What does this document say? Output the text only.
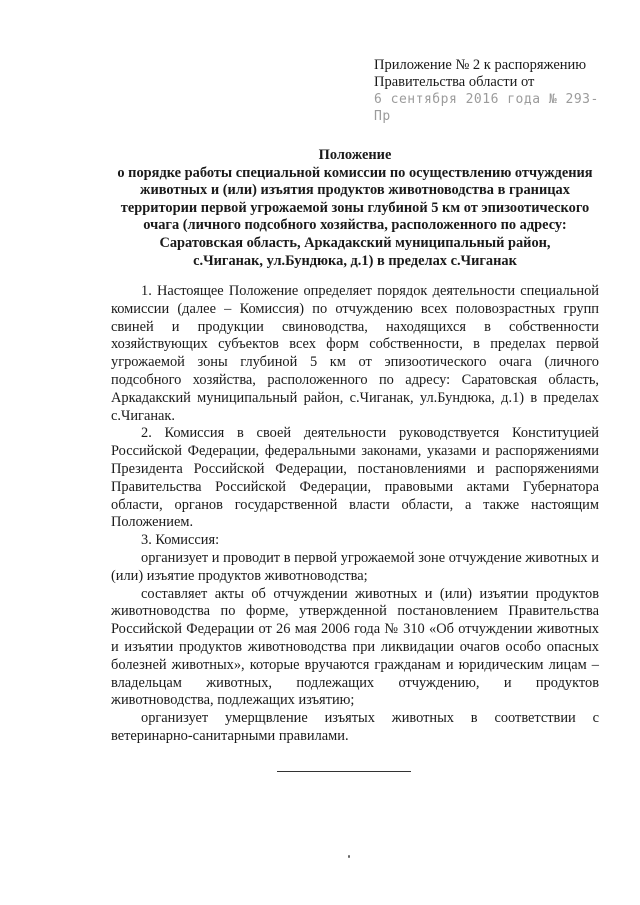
Приложение № 2 к распоряжению
Правительства области от
6 сентября 2016 года № 293-Пр
Положение
о порядке работы специальной комиссии по осуществлению отчуждения
животных и (или) изъятия продуктов животноводства в границах
территории первой угрожаемой зоны глубиной 5 км от эпизоотического
очага (личного подсобного хозяйства, расположенного по адресу:
Саратовская область, Аркадакский муниципальный район,
с.Чиганак, ул.Бундюка, д.1) в пределах с.Чиганак

1. Настоящее Положение определяет порядок деятельности специальной комиссии (далее – Комиссия) по отчуждению всех половозрастных групп свиней и продукции свиноводства, находящихся в собственности хозяйствующих субъектов всех форм собственности, в пределах первой угрожаемой зоны глубиной 5 км от эпизоотического очага (личного подсобного хозяйства, расположенного по адресу: Саратовская область, Аркадакский муниципальный район, с.Чиганак, ул.Бундюка, д.1) в пределах с.Чиганак.

2. Комиссия в своей деятельности руководствуется Конституцией Российской Федерации, федеральными законами, указами и распоряжениями Президента Российской Федерации, постановлениями и распоряжениями Правительства Российской Федерации, правовыми актами Губернатора области, органов государственной власти области, а также настоящим Положением.

3. Комиссия:

организует и проводит в первой угрожаемой зоне отчуждение животных и (или) изъятие продуктов животноводства;

составляет акты об отчуждении животных и (или) изъятии продуктов животноводства по форме, утвержденной постановлением Правительства Российской Федерации от 26 мая 2006 года № 310 «Об отчуждении животных и изъятии продуктов животноводства при ликвидации очагов особо опасных болезней животных», которые вручаются гражданам и юридическим лицам – владельцам животных, подлежащих отчуждению, и продуктов животноводства, подлежащих изъятию;

организует умерщвление изъятых животных в соответствии с ветеринарно-санитарными правилами.
